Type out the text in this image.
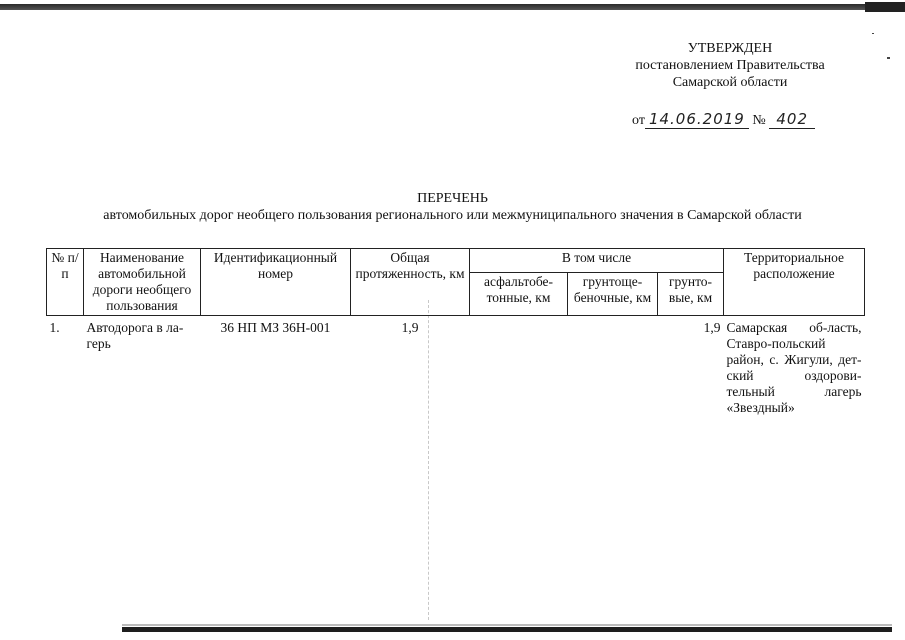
УТВЕРЖДЕН
постановлением Правительства
Самарской области
от 14.06.2019 № 402
ПЕРЕЧЕНЬ
автомобильных дорог необщего пользования регионального или межмуниципального значения в Самарской области
№ п/п	Наименование автомобильной дороги необщего пользования	Идентификационный номер	Общая протяженность, км	В том числе			Территориальное расположение
				асфальтобе-тонные, км	грунтоще-беночные, км	грунто-вые, км	
1.	Автодорога в ла-герь	36 НП МЗ 36Н-001	1,9			1,9	Самарская об-ласть, Ставро-польский район, с. Жигули, дет-ский оздорови-тельный лагерь «Звездный»
